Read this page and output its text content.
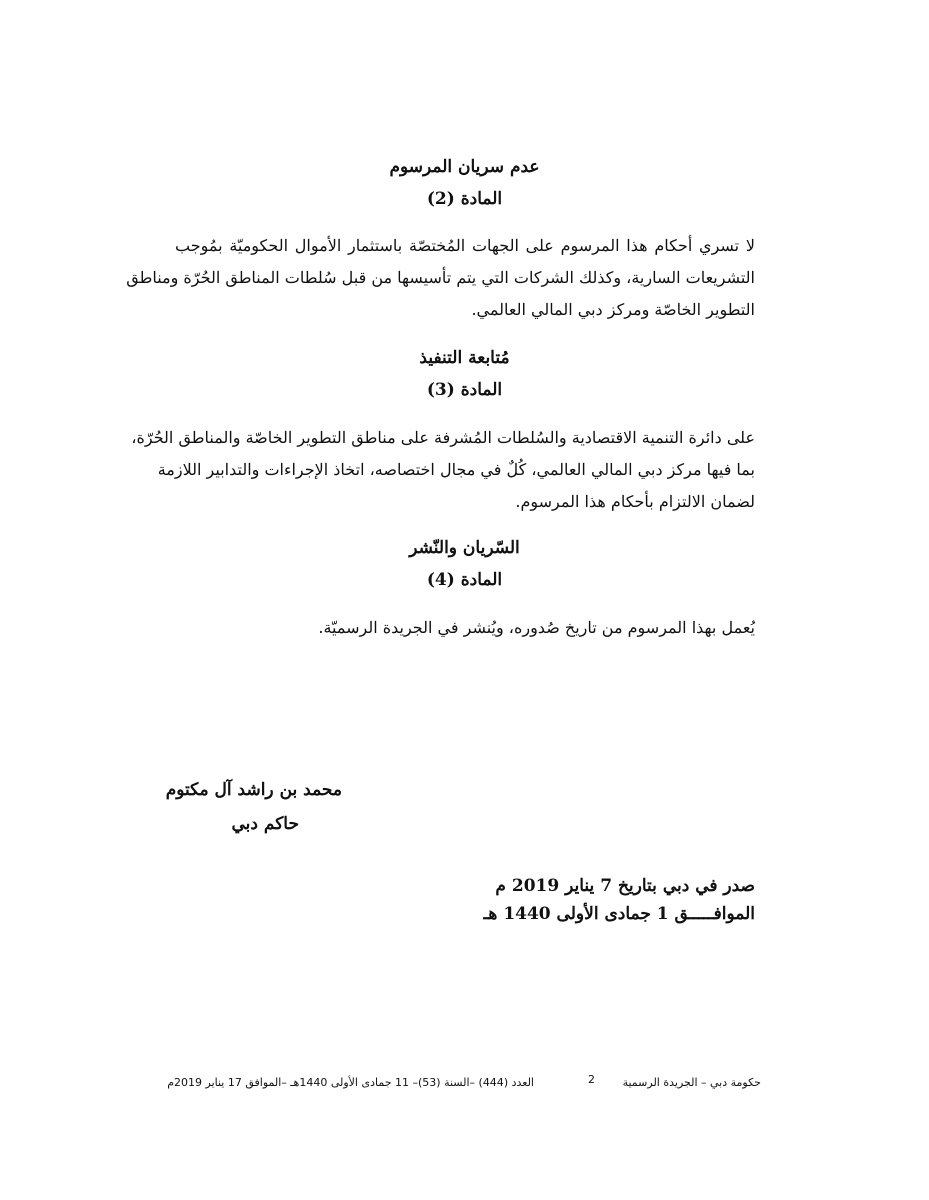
عدم سريان المرسوم
المادة (2)
لا تسري أحكام هذا المرسوم على الجهات المُختصّة باستثمار الأموال الحكوميّة بمُوجب
التشريعات السارية، وكذلك الشركات التي يتم تأسيسها من قبل سُلطات المناطق الحُرّة ومناطق
التطوير الخاصّة ومركز دبي المالي العالمي.
مُتابعة التنفيذ
المادة (3)
على دائرة التنمية الاقتصادية والسُلطات المُشرفة على مناطق التطوير الخاصّة والمناطق الحُرّة،
بما فيها مركز دبي المالي العالمي، كُلٌ في مجال اختصاصه، اتخاذ الإجراءات والتدابير اللازمة
لضمان الالتزام بأحكام هذا المرسوم.
السّريان والنّشر
المادة (4)
يُعمل بهذا المرسوم من تاريخ صُدوره، ويُنشر في الجريدة الرسميّة.
محمد بن راشد آل مكتوم
حاكم دبي
صدر في دبي بتاريخ 7 يناير 2019 م
الموافـــــق 1 جمادى الأولى 1440 هـ
حكومة دبي – الجريدة الرسمية
2
العدد (444) –السنة (53)– 11 جمادى الأولى 1440هـ –الموافق 17 يناير 2019م
